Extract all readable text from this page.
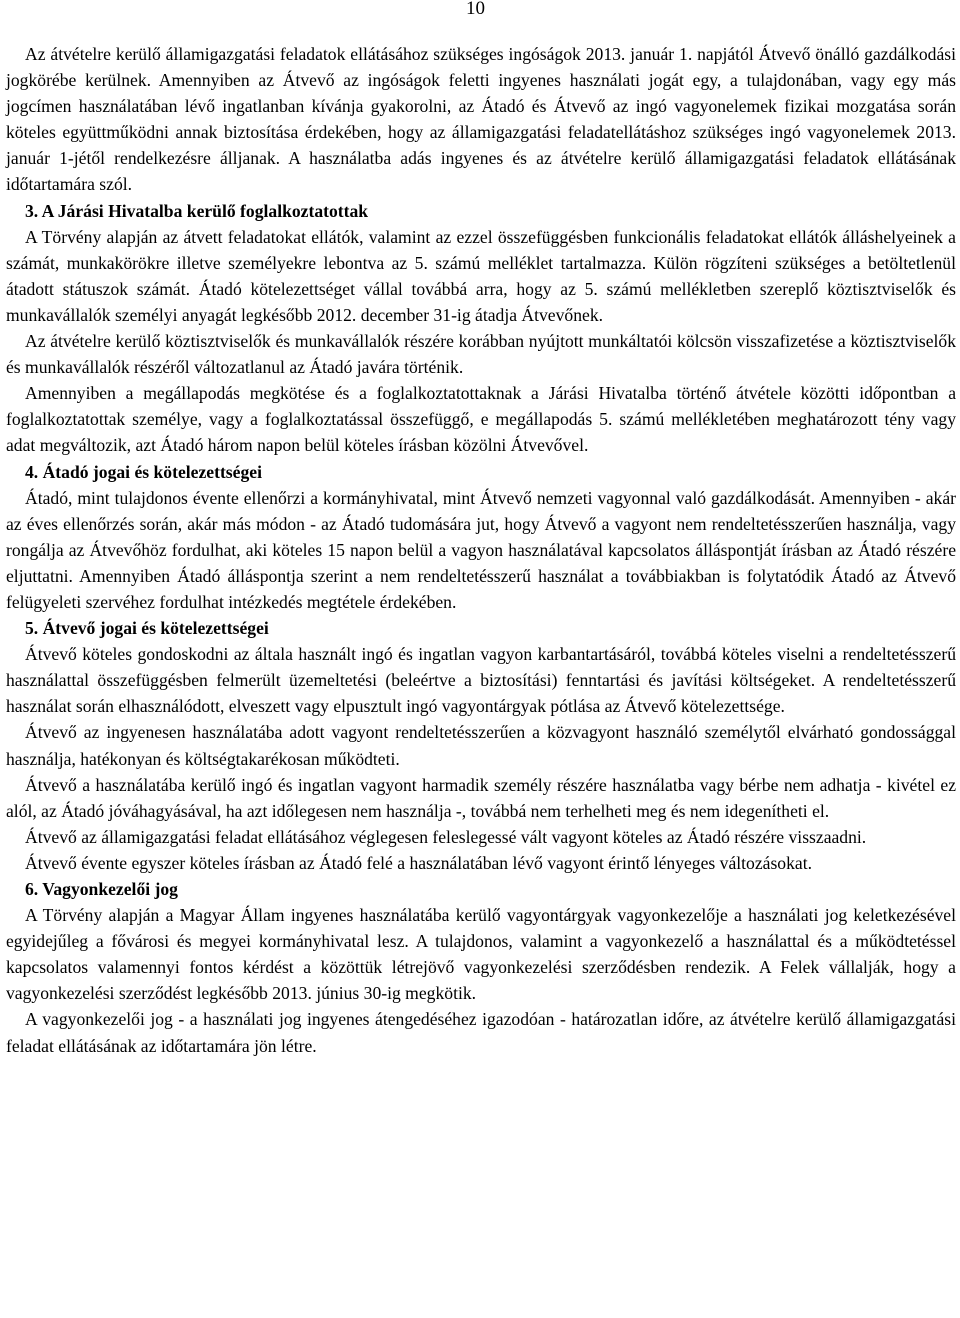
10

Az átvételre kerülő államigazgatási feladatok ellátásához szükséges ingóságok 2013. január 1. napjától Átvevő önálló gazdálkodási jogkörébe kerülnek. Amennyiben az Átvevő az ingóságok feletti ingyenes használati jogát egy, a tulajdonában, vagy egy más jogcímen használatában lévő ingatlanban kívánja gyakorolni, az Átadó és Átvevő az ingó vagyonelemek fizikai mozgatása során köteles együttműködni annak biztosítása érdekében, hogy az államigazgatási feladatellátáshoz szükséges ingó vagyonelemek 2013. január 1-jétől rendelkezésre álljanak. A használatba adás ingyenes és az átvételre kerülő államigazgatási feladatok ellátásának időtartamára szól.

3. A Járási Hivatalba kerülő foglalkoztatottak

A Törvény alapján az átvett feladatokat ellátók, valamint az ezzel összefüggésben funkcionális feladatokat ellátók álláshelyeinek a számát, munkakörökre illetve személyekre lebontva az 5. számú melléklet tartalmazza. Külön rögzíteni szükséges a betöltetlenül átadott státuszok számát. Átadó kötelezettséget vállal továbbá arra, hogy az 5. számú mellékletben szereplő köztisztviselők és munkavállalók személyi anyagát legkésőbb 2012. december 31-ig átadja Átvevőnek.

Az átvételre kerülő köztisztviselők és munkavállalók részére korábban nyújtott munkáltatói kölcsön visszafizetése a köztisztviselők és munkavállalók részéről változatlanul az Átadó javára történik.

Amennyiben a megállapodás megkötése és a foglalkoztatottaknak a Járási Hivatalba történő átvétele közötti időpontban a foglalkoztatottak személye, vagy a foglalkoztatással összefüggő, e megállapodás 5. számú mellékletében meghatározott tény vagy adat megváltozik, azt Átadó három napon belül köteles írásban közölni Átvevővel.

4. Átadó jogai és kötelezettségei

Átadó, mint tulajdonos évente ellenőrzi a kormányhivatal, mint Átvevő nemzeti vagyonnal való gazdálkodását. Amennyiben - akár az éves ellenőrzés során, akár más módon - az Átadó tudomására jut, hogy Átvevő a vagyont nem rendeltetésszerűen használja, vagy rongálja az Átvevőhöz fordulhat, aki köteles 15 napon belül a vagyon használatával kapcsolatos álláspontját írásban az Átadó részére eljuttatni. Amennyiben Átadó álláspontja szerint a nem rendeltetésszerű használat a továbbiakban is folytatódik Átadó az Átvevő felügyeleti szervéhez fordulhat intézkedés megtétele érdekében.

5. Átvevő jogai és kötelezettségei

Átvevő köteles gondoskodni az általa használt ingó és ingatlan vagyon karbantartásáról, továbbá köteles viselni a rendeltetésszerű használattal összefüggésben felmerült üzemeltetési (beleértve a biztosítási) fenntartási és javítási költségeket. A rendeltetésszerű használat során elhasználódott, elveszett vagy elpusztult ingó vagyontárgyak pótlása az Átvevő kötelezettsége.

Átvevő az ingyenesen használatába adott vagyont rendeltetésszerűen a közvagyont használó személytől elvárható gondossággal használja, hatékonyan és költségtakarékosan működteti.

Átvevő a használatába kerülő ingó és ingatlan vagyont harmadik személy részére használatba vagy bérbe nem adhatja - kivétel ez alól, az Átadó jóváhagyásával, ha azt időlegesen nem használja -, továbbá nem terhelheti meg és nem idegenítheti el.

Átvevő az államigazgatási feladat ellátásához véglegesen feleslegessé vált vagyont köteles az Átadó részére visszaadni.

Átvevő évente egyszer köteles írásban az Átadó felé a használatában lévő vagyont érintő lényeges változásokat.

6. Vagyonkezelői jog

A Törvény alapján a Magyar Állam ingyenes használatába kerülő vagyontárgyak vagyonkezelője a használati jog keletkezésével egyidejűleg a fővárosi és megyei kormányhivatal lesz. A tulajdonos, valamint a vagyonkezelő a használattal és a működtetéssel kapcsolatos valamennyi fontos kérdést a közöttük létrejövő vagyonkezelési szerződésben rendezik. A Felek vállalják, hogy a vagyonkezelési szerződést legkésőbb 2013. június 30-ig megkötik.

A vagyonkezelői jog - a használati jog ingyenes átengedéséhez igazodóan - határozatlan időre, az átvételre kerülő államigazgatási feladat ellátásának az időtartamára jön létre.
